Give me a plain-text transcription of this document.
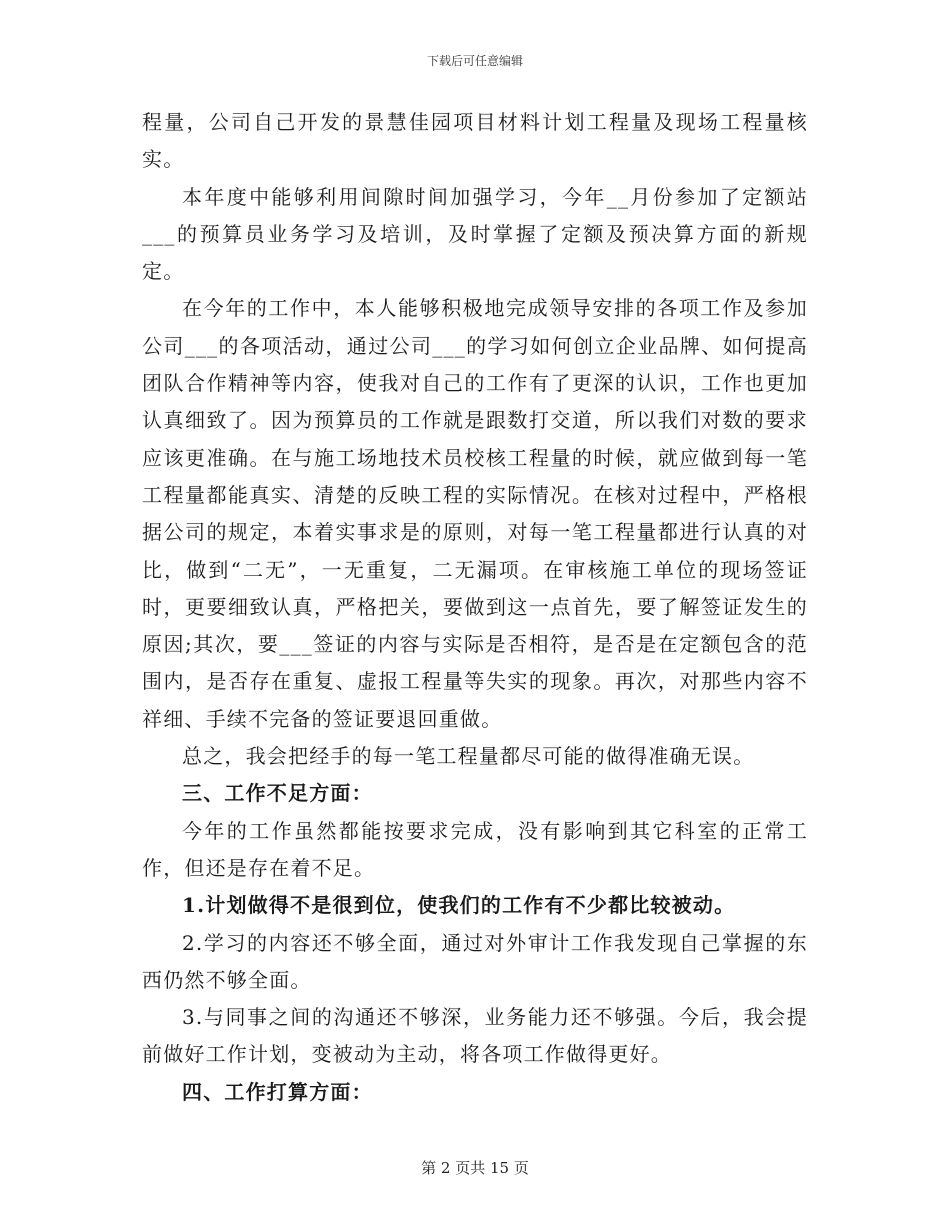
下载后可任意编辑

程量，公司自己开发的景慧佳园项目材料计划工程量及现场工程量核实。

本年度中能够利用间隙时间加强学习，今年__月份参加了定额站___的预算员业务学习及培训，及时掌握了定额及预决算方面的新规定。

在今年的工作中，本人能够积极地完成领导安排的各项工作及参加公司___的各项活动，通过公司___的学习如何创立企业品牌、如何提高团队合作精神等内容，使我对自己的工作有了更深的认识，工作也更加认真细致了。因为预算员的工作就是跟数打交道，所以我们对数的要求应该更准确。在与施工场地技术员校核工程量的时候，就应做到每一笔工程量都能真实、清楚的反映工程的实际情况。在核对过程中，严格根据公司的规定，本着实事求是的原则，对每一笔工程量都进行认真的对比，做到“二无”，一无重复，二无漏项。在审核施工单位的现场签证时，更要细致认真，严格把关，要做到这一点首先，要了解签证发生的原因;其次，要___签证的内容与实际是否相符，是否是在定额包含的范围内，是否存在重复、虚报工程量等失实的现象。再次，对那些内容不祥细、手续不完备的签证要退回重做。

总之，我会把经手的每一笔工程量都尽可能的做得准确无误。

三、工作不足方面：

今年的工作虽然都能按要求完成，没有影响到其它科室的正常工作，但还是存在着不足。

1.计划做得不是很到位，使我们的工作有不少都比较被动。

2.学习的内容还不够全面，通过对外审计工作我发现自己掌握的东西仍然不够全面。

3.与同事之间的沟通还不够深，业务能力还不够强。今后，我会提前做好工作计划，变被动为主动，将各项工作做得更好。

四、工作打算方面：

第 2 页共 15 页
